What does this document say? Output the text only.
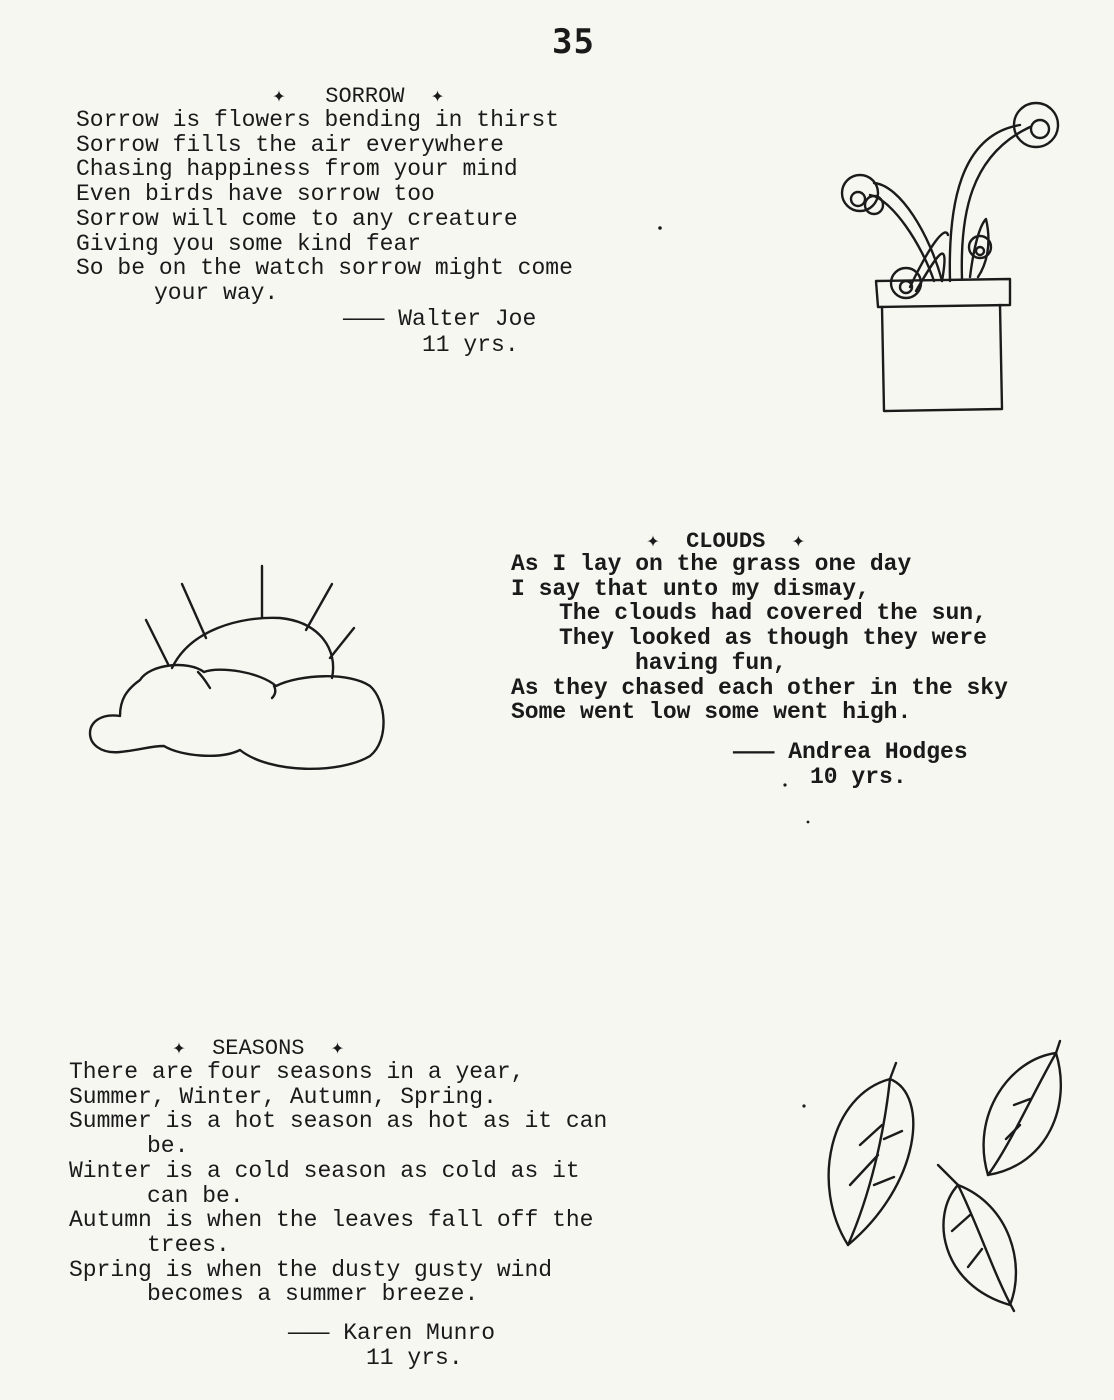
35

✦ SORROW ✦

Sorrow is flowers bending in thirst
Sorrow fills the air everywhere
Chasing happiness from your mind
Even birds have sorrow too
Sorrow will come to any creature
Giving you some kind fear
So be on the watch sorrow might come
your way.
——— Walter Joe
11 yrs.

✦ CLOUDS ✦

As I lay on the grass one day
I say that unto my dismay,
The clouds had covered the sun,
They looked as though they were
having fun,
As they chased each other in the sky
Some went low some went high.
——— Andrea Hodges
10 yrs.

✦ SEASONS ✦

There are four seasons in a year,
Summer, Winter, Autumn, Spring.
Summer is a hot season as hot as it can
be.
Winter is a cold season as cold as it
can be.
Autumn is when the leaves fall off the
trees.
Spring is when the dusty gusty wind
becomes a summer breeze.
——— Karen Munro
11 yrs.
